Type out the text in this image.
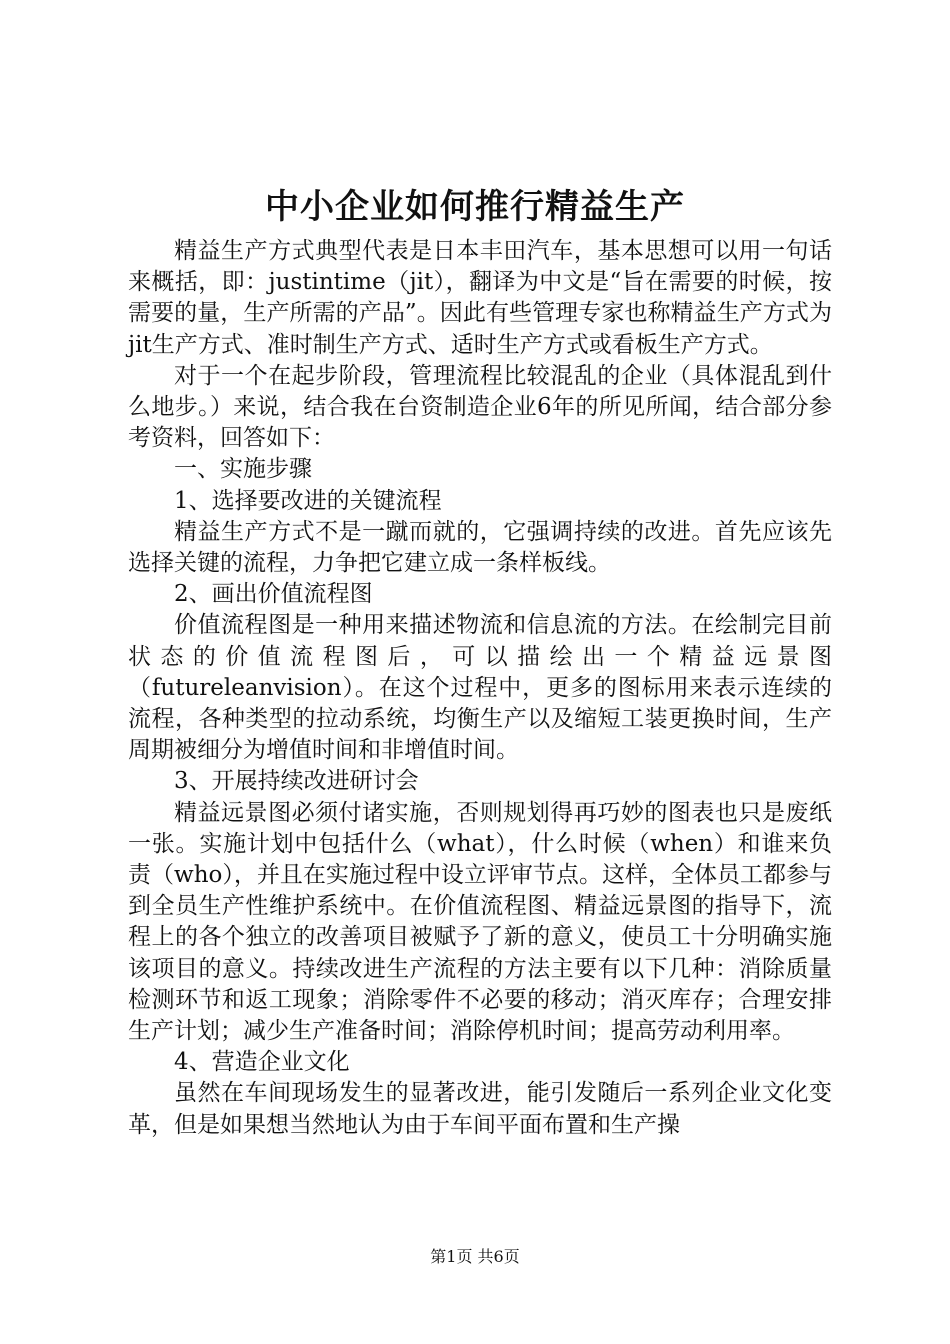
中小企业如何推行精益生产

精益生产方式典型代表是日本丰田汽车，基本思想可以用一句话来概括，即：justintime（jit），翻译为中文是“旨在需要的时候，按需要的量，生产所需的产品”。因此有些管理专家也称精益生产方式为jit生产方式、准时制生产方式、适时生产方式或看板生产方式。

对于一个在起步阶段，管理流程比较混乱的企业（具体混乱到什么地步。）来说，结合我在台资制造企业6年的所见所闻，结合部分参考资料，回答如下：

一、实施步骤

1、选择要改进的关键流程

精益生产方式不是一蹴而就的，它强调持续的改进。首先应该先选择关键的流程，力争把它建立成一条样板线。

2、画出价值流程图

价值流程图是一种用来描述物流和信息流的方法。在绘制完目前状态的价值流程图后，可以描绘出一个精益远景图（futureleanvision）。在这个过程中，更多的图标用来表示连续的流程，各种类型的拉动系统，均衡生产以及缩短工装更换时间，生产周期被细分为增值时间和非增值时间。

3、开展持续改进研讨会

精益远景图必须付诸实施，否则规划得再巧妙的图表也只是废纸一张。实施计划中包括什么（what），什么时候（when）和谁来负责（who），并且在实施过程中设立评审节点。这样，全体员工都参与到全员生产性维护系统中。在价值流程图、精益远景图的指导下，流程上的各个独立的改善项目被赋予了新的意义，使员工十分明确实施该项目的意义。持续改进生产流程的方法主要有以下几种：消除质量检测环节和返工现象；消除零件不必要的移动；消灭库存；合理安排生产计划；减少生产准备时间；消除停机时间；提高劳动利用率。

4、营造企业文化

虽然在车间现场发生的显著改进，能引发随后一系列企业文化变革，但是如果想当然地认为由于车间平面布置和生产操

第1页 共6页
